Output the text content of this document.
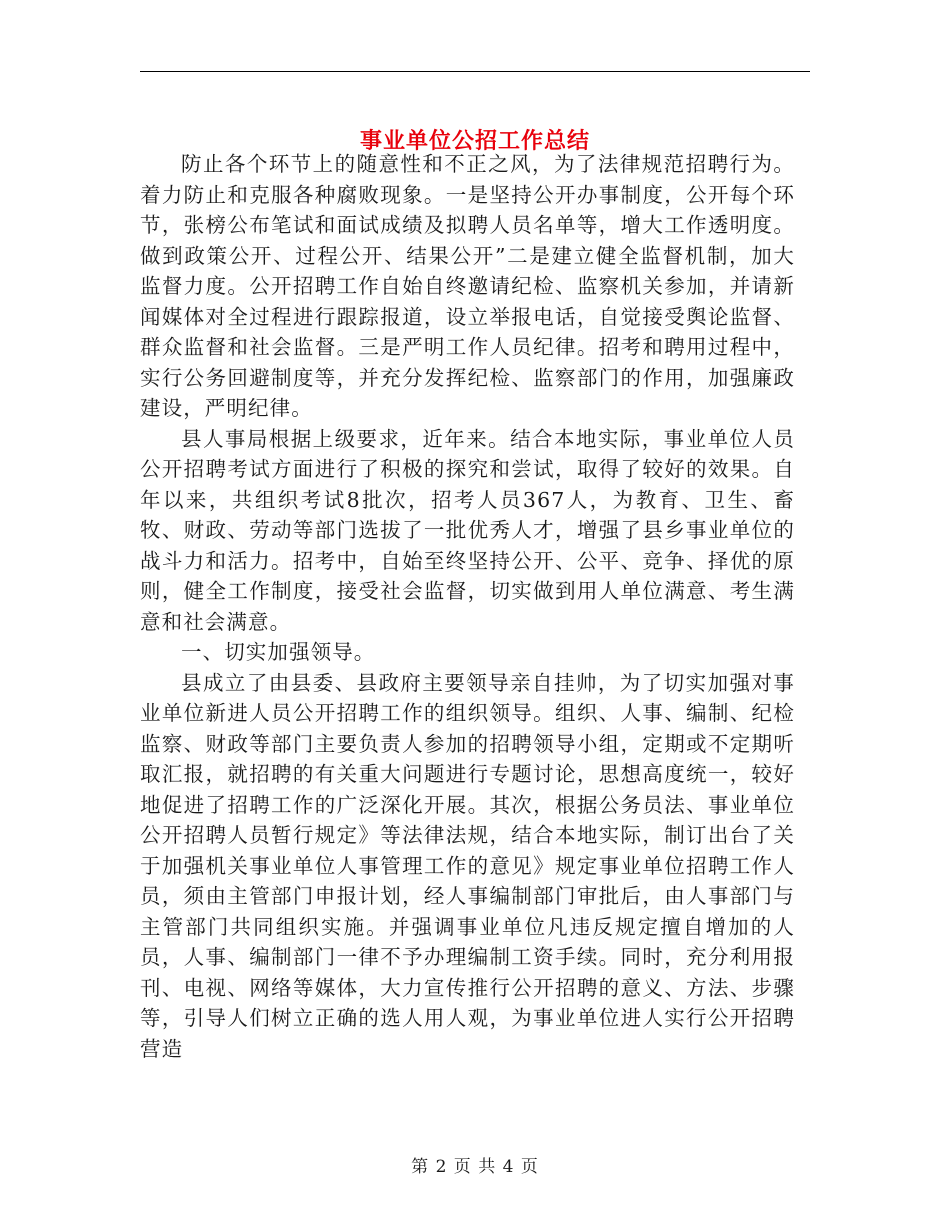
事业单位公招工作总结

防止各个环节上的随意性和不正之风，为了法律规范招聘行为。着力防止和克服各种腐败现象。一是坚持公开办事制度，公开每个环节，张榜公布笔试和面试成绩及拟聘人员名单等，增大工作透明度。做到政策公开、过程公开、结果公开”二是建立健全监督机制，加大监督力度。公开招聘工作自始自终邀请纪检、监察机关参加，并请新闻媒体对全过程进行跟踪报道，设立举报电话，自觉接受舆论监督、群众监督和社会监督。三是严明工作人员纪律。招考和聘用过程中，实行公务回避制度等，并充分发挥纪检、监察部门的作用，加强廉政建设，严明纪律。

县人事局根据上级要求，近年来。结合本地实际，事业单位人员公开招聘考试方面进行了积极的探究和尝试，取得了较好的效果。自年以来，共组织考试8批次，招考人员367人，为教育、卫生、畜牧、财政、劳动等部门选拔了一批优秀人才，增强了县乡事业单位的战斗力和活力。招考中，自始至终坚持公开、公平、竞争、择优的原则，健全工作制度，接受社会监督，切实做到用人单位满意、考生满意和社会满意。

一、切实加强领导。

县成立了由县委、县政府主要领导亲自挂帅，为了切实加强对事业单位新进人员公开招聘工作的组织领导。组织、人事、编制、纪检监察、财政等部门主要负责人参加的招聘领导小组，定期或不定期听取汇报，就招聘的有关重大问题进行专题讨论，思想高度统一，较好地促进了招聘工作的广泛深化开展。其次，根据公务员法、事业单位公开招聘人员暂行规定》等法律法规，结合本地实际，制订出台了关于加强机关事业单位人事管理工作的意见》规定事业单位招聘工作人员，须由主管部门申报计划，经人事编制部门审批后，由人事部门与主管部门共同组织实施。并强调事业单位凡违反规定擅自增加的人员，人事、编制部门一律不予办理编制工资手续。同时，充分利用报刊、电视、网络等媒体，大力宣传推行公开招聘的意义、方法、步骤等，引导人们树立正确的选人用人观，为事业单位进人实行公开招聘营造

第 2 页 共 4 页
